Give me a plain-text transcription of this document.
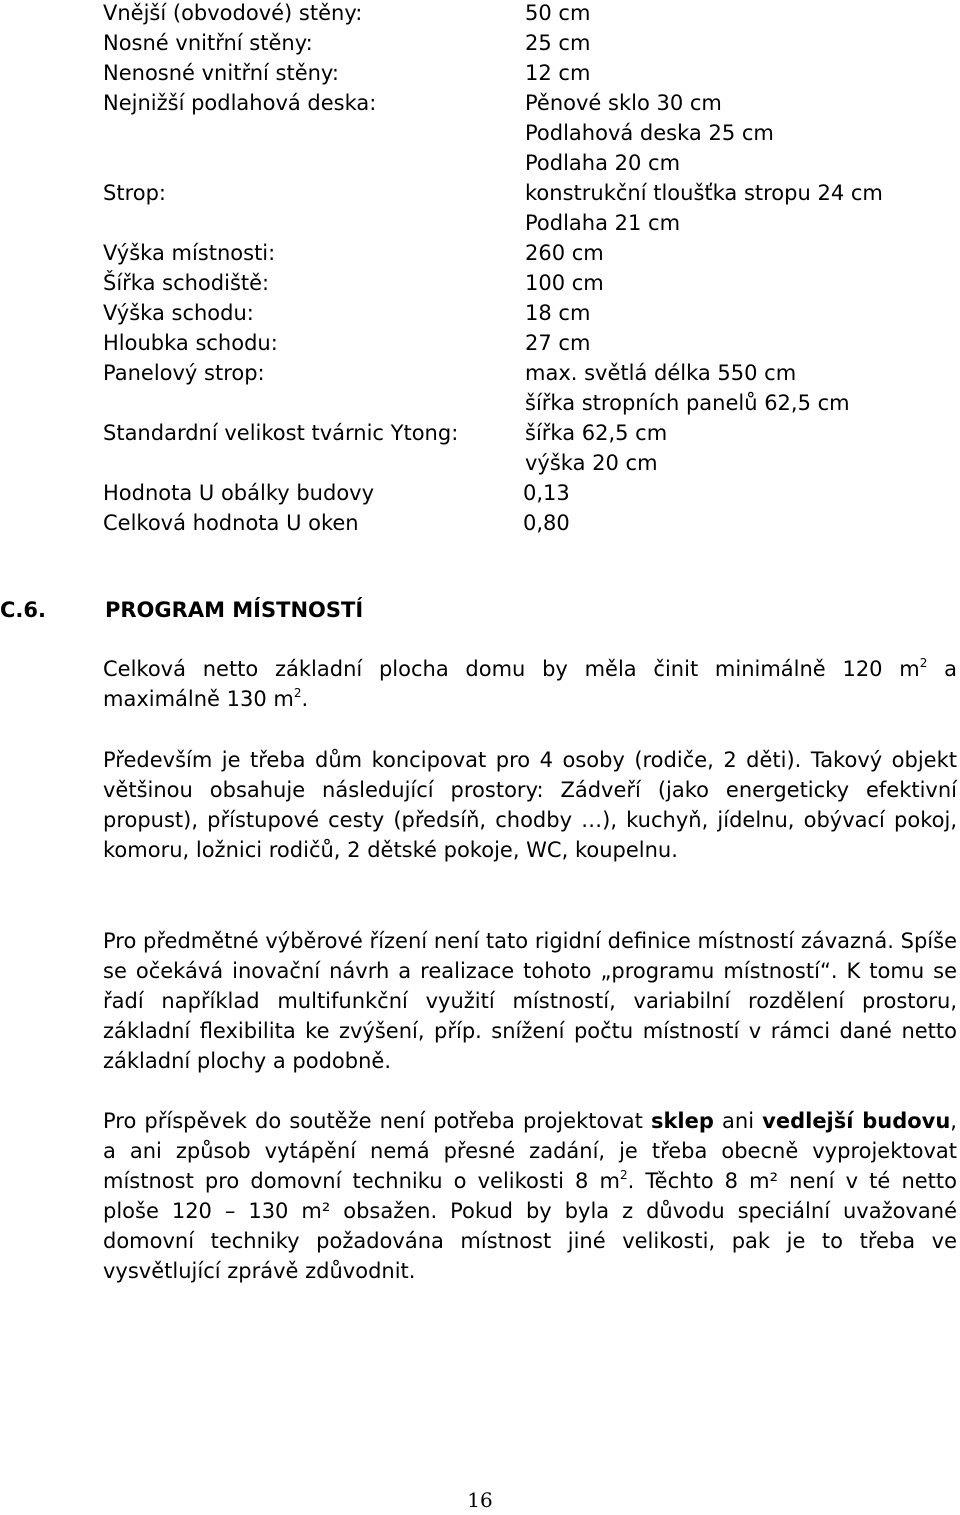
Vnější (obvodové) stěny:	50 cm
Nosné vnitřní stěny:	25 cm
Nenosné vnitřní stěny:	12 cm
Nejnižší podlahová deska:	Pěnové sklo 30 cm
Podlahová deska 25 cm
Podlaha 20 cm
Strop:	konstrukční tloušťka stropu 24 cm
Podlaha 21 cm
Výška místnosti:	260 cm
Šířka schodiště:	100 cm
Výška schodu:	18 cm
Hloubka schodu:	27 cm
Panelový strop:	max. světlá délka 550 cm
šířka stropních panelů 62,5 cm
Standardní velikost tvárnic Ytong:	šířka 62,5 cm
výška 20 cm
Hodnota U obálky budovy	0,13
Celková hodnota U oken	0,80
C.6.	PROGRAM MÍSTNOSTÍ
Celková netto základní plocha domu by měla činit minimálně 120 $m^2$ a maximálně 130 $m^2$.
Především je třeba dům koncipovat pro 4 osoby (rodiče, 2 děti). Takový objekt většinou obsahuje následující prostory: Zádveří (jako energeticky efektivní propust), přístupové cesty (předsíň, chodby …), kuchyň, jídelnu, obývací pokoj, komoru, ložnici rodičů, 2 dětské pokoje, WC, koupelnu.
Pro předmětné výběrové řízení není tato rigidní definice místností závazná. Spíše se očekává inovační návrh a realizace tohoto „programu místností“. K tomu se řadí například multifunkční využití místností, variabilní rozdělení prostoru, základní flexibilita ke zvýšení, příp. snížení počtu místností v rámci dané netto základní plochy a podobně.
Pro příspěvek do soutěže není potřeba projektovat sklep ani vedlejší budovu, a ani způsob vytápění nemá přesné zadání, je třeba obecně vyprojektovat místnost pro domovní techniku o velikosti 8 $m^2$. Těchto 8 m² není v té netto ploše 120 – 130 m² obsažen. Pokud by byla z důvodu speciální uvažované domovní techniky požadována místnost jiné velikosti, pak je to třeba ve vysvětlující zprávě zdůvodnit.
16
